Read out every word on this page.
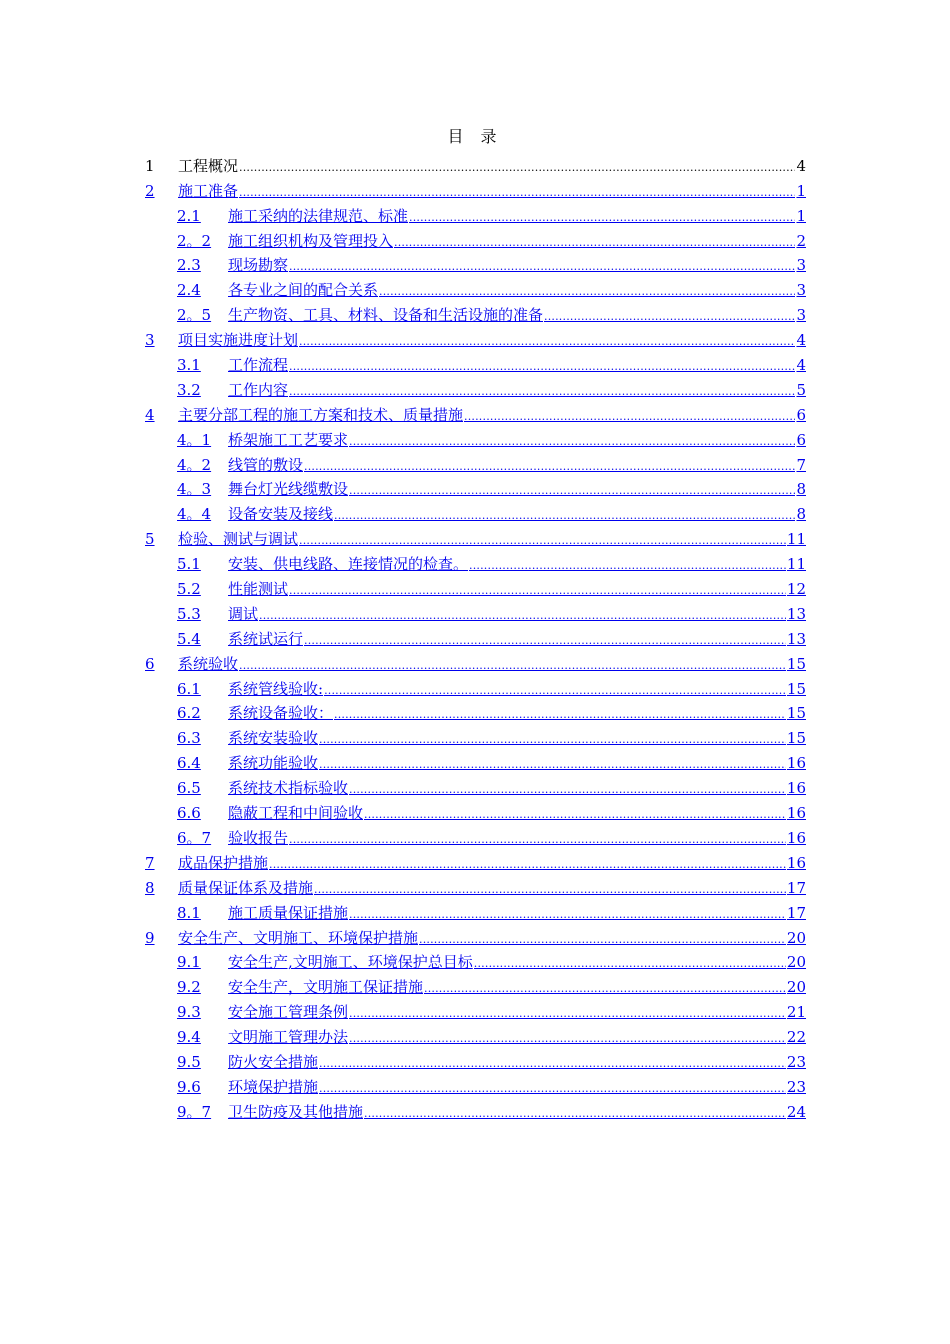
目 录
1	工程概况 .....	4
2	施工准备 .....	1
2.1	施工采纳的法律规范、标准 .....	1
2。2	施工组织机构及管理投入 .....	2
2.3	现场勘察 .....	3
2.4	各专业之间的配合关系 .....	3
2。5	生产物资、工具、材料、设备和生活设施的准备 .....	3
3	项目实施进度计划 .....	4
3.1	工作流程 .....	4
3.2	工作内容 .....	5
4	主要分部工程的施工方案和技术、质量措施 .....	6
4。1	桥架施工工艺要求 .....	6
4。2	线管的敷设 .....	7
4。3	舞台灯光线缆敷设 .....	8
4。4	设备安装及接线 .....	8
5	检验、测试与调试 .....	11
5.1	安装、供电线路、连接情况的检查。 .....	11
5.2	性能测试 .....	12
5.3	调试 .....	13
5.4	系统试运行 .....	13
6	系统验收 .....	15
6.1	系统管线验收: .....	15
6.2	系统设备验收： .....	15
6.3	系统安装验收 .....	15
6.4	系统功能验收 .....	16
6.5	系统技术指标验收 .....	16
6.6	隐蔽工程和中间验收 .....	16
6。7	验收报告 .....	16
7	成品保护措施 .....	16
8	质量保证体系及措施 .....	17
8.1	施工质量保证措施 .....	17
9	安全生产、文明施工、环境保护措施 .....	20
9.1	安全生产,文明施工、环境保护总目标 .....	20
9.2	安全生产，文明施工保证措施 .....	20
9.3	安全施工管理条例 .....	21
9.4	文明施工管理办法 .....	22
9.5	防火安全措施 .....	23
9.6	环境保护措施 .....	23
9。7	卫生防疫及其他措施 .....	24
